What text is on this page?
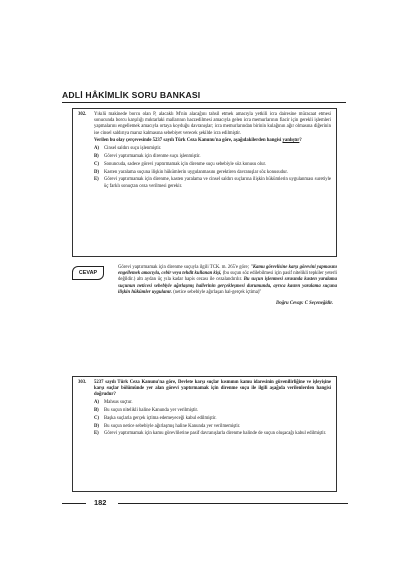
ADLİ HÂKİMLİK SORU BANKASI
302.	Yıkılü makinede borcu olan P, alacaklı M'nin alacağını tahsil etmek amacıyla yetkili icra dairesine müracaat etmesi sonucunda borcu karşılığı mıktarlaki mallarının haczedilmesi amacıyla gelen icra memurlarının fiacir için gerekli işlemleri yapmalarını engellemek amacıyla ortaya koyduğu davranışlar; icra memurlarından birinin kulağının ağır olmasına diğerinin ise cinsel saldırıya maruz kalmasına sebebiyet verecek şekilde icra edilmiştir.
Verilen bu olay çerçevesinde 5237 sayılı Türk Ceza Kanunu'na göre, aşağıdakilerden hangisi yanlıştır?
A)	Cinsel saldırı suçu işlenmiştir.
B)	Görevi yaptırmamak için direnme suçu işlenmiştir.
C)	Sonuncuda, sadece görevi yaptırmamak için direnme suçu sebebiyle söz konusu olur.
D)	Kasten yaralama suçuna ilişkin hükümlerin uygulanmasını gerektiren davranışlar söz konusudur.
E)	Görevi yaptırmamak için direnme, kasten yaralama ve cinsel saldırı suçlarına ilişkin hükümlerin uygulanması suretiyle üç farklı sonuçtan ceza verilmesi gerekir.
CEVAP
Görevi yaptırmamak için direnme suçuyla ilgili TCK. m. 265'e göre; "Kamu görevlisine karşı görevini yapmasını engellemek amacıyla, cebir veya tehdit kullanan kişi, (bu suçun söz edilebilmesi için pasif nitelikli tepkiler yeterli değildir.) altı aydan üç yıla kadar hapis cezası ile cezalandırılır. Bu suçun işlenmesi sırasında kasten yaralama suçunun neticesi sebebiyle ağırlaşmış hallerinin gerçekleşmesi durumunda, ayrıca kasten yaralama suçuna ilişkin hükümler uygulanır. (netice sebebiyle ağırlaşan hal-gerçek içtima)"
Doğru Cevap: C Seçeneğidir.
303.	5237 sayılı Türk Ceza Kanunu'na göre, Devlete karşı suçlar kısmının kamu idaresinin güvenilirliğine ve işleyişine karşı suçlar bölümünde yer alan görevi yaptırmamak için direnme suçu ile ilgili aşağıda verilenlerden hangisi doğrudur?
A)	Mahsus suçtur.
B)	Bu suçun nitelikli haline Kanunda yer verilmiştir.
C)	Başka suçlarla gerçek içtima edemeyeceği kabul edilmiştir.
D)	Bu suçun netice sebebiyle ağırlaşmış haline Kanunda yer verilmemiştir.
E)	Görevi yaptırmamak için kamu görevlilerine pasif davranışlarla direnme halinde de suçun oluşacağı kabul edilmiştir.
182
